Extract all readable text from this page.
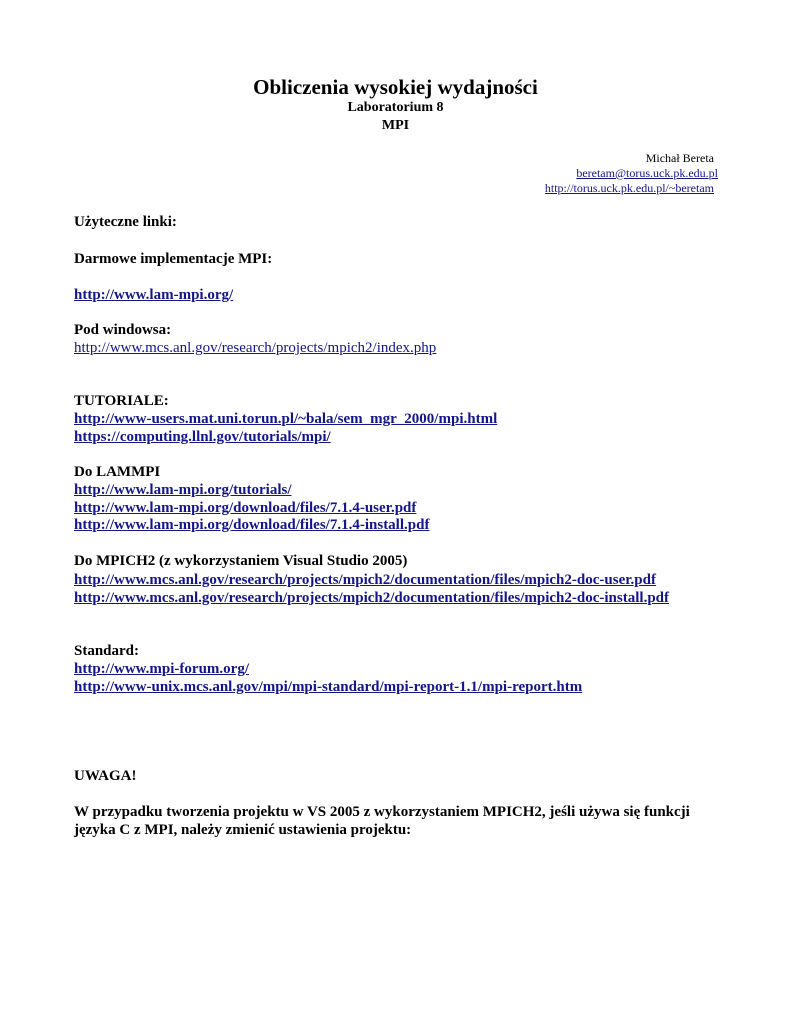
Obliczenia wysokiej wydajności
Laboratorium 8
MPI
Michał Bereta
beretam@torus.uck.pk.edu.pl
http://torus.uck.pk.edu.pl/~beretam
Użyteczne linki:
Darmowe implementacje MPI:
http://www.lam-mpi.org/
Pod windowsa:
http://www.mcs.anl.gov/research/projects/mpich2/index.php
TUTORIALE:
http://www-users.mat.uni.torun.pl/~bala/sem_mgr_2000/mpi.html
https://computing.llnl.gov/tutorials/mpi/
Do LAMMPI
http://www.lam-mpi.org/tutorials/
http://www.lam-mpi.org/download/files/7.1.4-user.pdf
http://www.lam-mpi.org/download/files/7.1.4-install.pdf
Do MPICH2 (z wykorzystaniem Visual Studio 2005)
http://www.mcs.anl.gov/research/projects/mpich2/documentation/files/mpich2-doc-user.pdf
http://www.mcs.anl.gov/research/projects/mpich2/documentation/files/mpich2-doc-install.pdf
Standard:
http://www.mpi-forum.org/
http://www-unix.mcs.anl.gov/mpi/mpi-standard/mpi-report-1.1/mpi-report.htm
UWAGA!
W przypadku tworzenia projektu w VS 2005 z wykorzystaniem MPICH2, jeśli używa się funkcji
języka C z MPI, należy zmienić ustawienia projektu:
